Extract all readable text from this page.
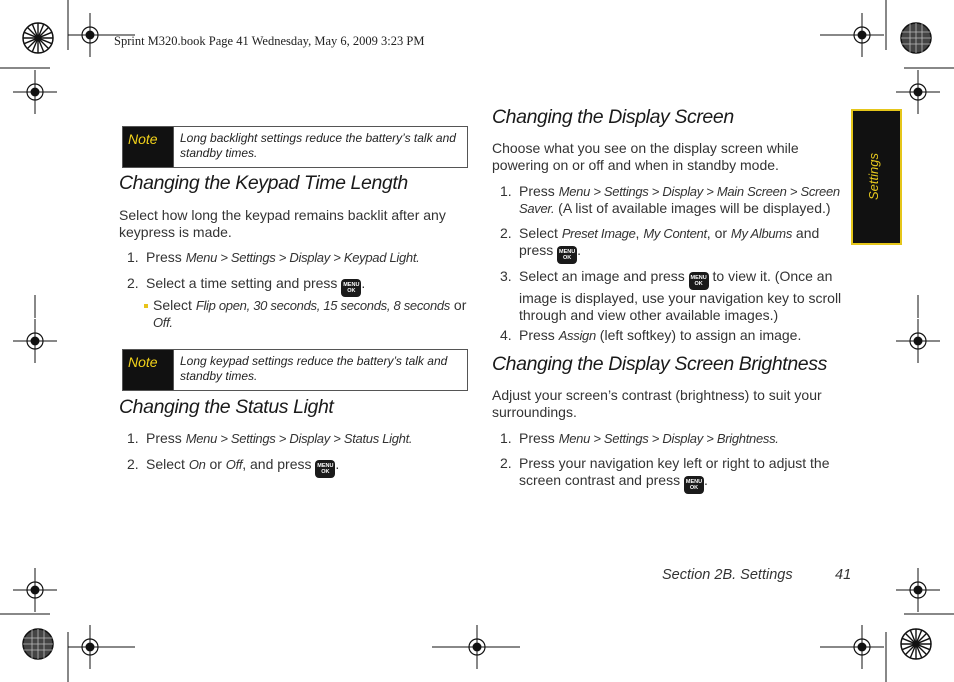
Sprint M320.book Page 41 Wednesday, May 6, 2009 3:23 PM
Settings
Note	Long backlight settings reduce the battery’s talk and standby times.
Changing the Keypad Time Length
Select how long the keypad remains backlit after any keypress is made.
1. Press Menu > Settings > Display > Keypad Light.
2. Select a time setting and press MENU
OK .
Select Flip open, 30 seconds, 15 seconds, 8 seconds or
Off.
Note	Long keypad settings reduce the battery’s talk and standby times.
Changing the Status Light
1. Press Menu > Settings > Display > Status Light.
2. Select On or Off, and press MENU
OK .
Changing the Display Screen
Choose what you see on the display screen while powering on or off and when in standby mode.
1. Press Menu > Settings > Display > Main Screen > Screen Saver. (A list of available images will be displayed.)
2. Select Preset Image, My Content, or My Albums and press MENU
OK .
3. Select an image and press MENU
OK to view it. (Once an image is displayed, use your navigation key to scroll through and view other available images.)
4. Press Assign (left softkey) to assign an image.
Changing the Display Screen Brightness
Adjust your screen’s contrast (brightness) to suit your surroundings.
1. Press Menu > Settings > Display > Brightness.
2. Press your navigation key left or right to adjust the screen contrast and press MENU
OK .
Section 2B. Settings	41
